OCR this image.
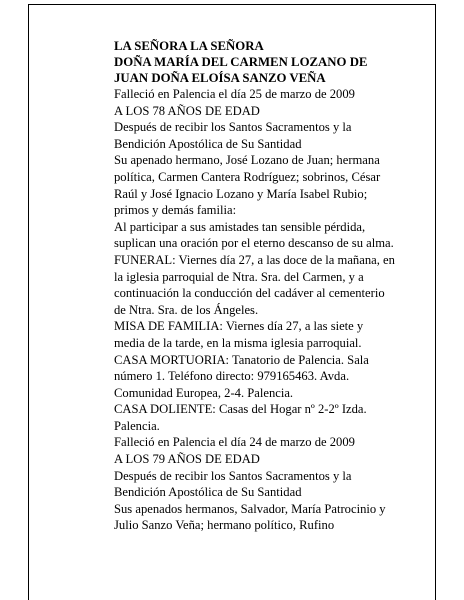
LA SEÑORA LA SEÑORA
DOÑA MARÍA DEL CARMEN LOZANO DE
JUAN DOÑA ELOÍSA SANZO VEÑA
Falleció en Palencia el día 25 de marzo de 2009
A LOS 78 AÑOS DE EDAD
Después de recibir los Santos Sacramentos y la
Bendición Apostólica de Su Santidad
Su apenado hermano, José Lozano de Juan; hermana
política, Carmen Cantera Rodríguez; sobrinos, César
Raúl y José Ignacio Lozano y María Isabel Rubio;
primos y demás familia:
Al participar a sus amistades tan sensible pérdida,
suplican una oración por el eterno descanso de su alma.
FUNERAL: Viernes día 27, a las doce de la mañana, en
la iglesia parroquial de Ntra. Sra. del Carmen, y a
continuación la conducción del cadáver al cementerio
de Ntra. Sra. de los Ángeles.
MISA DE FAMILIA: Viernes día 27, a las siete y
media de la tarde, en la misma iglesia parroquial.
CASA MORTUORIA: Tanatorio de Palencia. Sala
número 1. Teléfono directo: 979165463. Avda.
Comunidad Europea, 2-4. Palencia.
CASA DOLIENTE: Casas del Hogar nº 2-2º Izda.
Palencia.
Falleció en Palencia el día 24 de marzo de 2009
A LOS 79 AÑOS DE EDAD
Después de recibir los Santos Sacramentos y la
Bendición Apostólica de Su Santidad
Sus apenados hermanos, Salvador, María Patrocinio y
Julio Sanzo Veña; hermano político, Rufino
